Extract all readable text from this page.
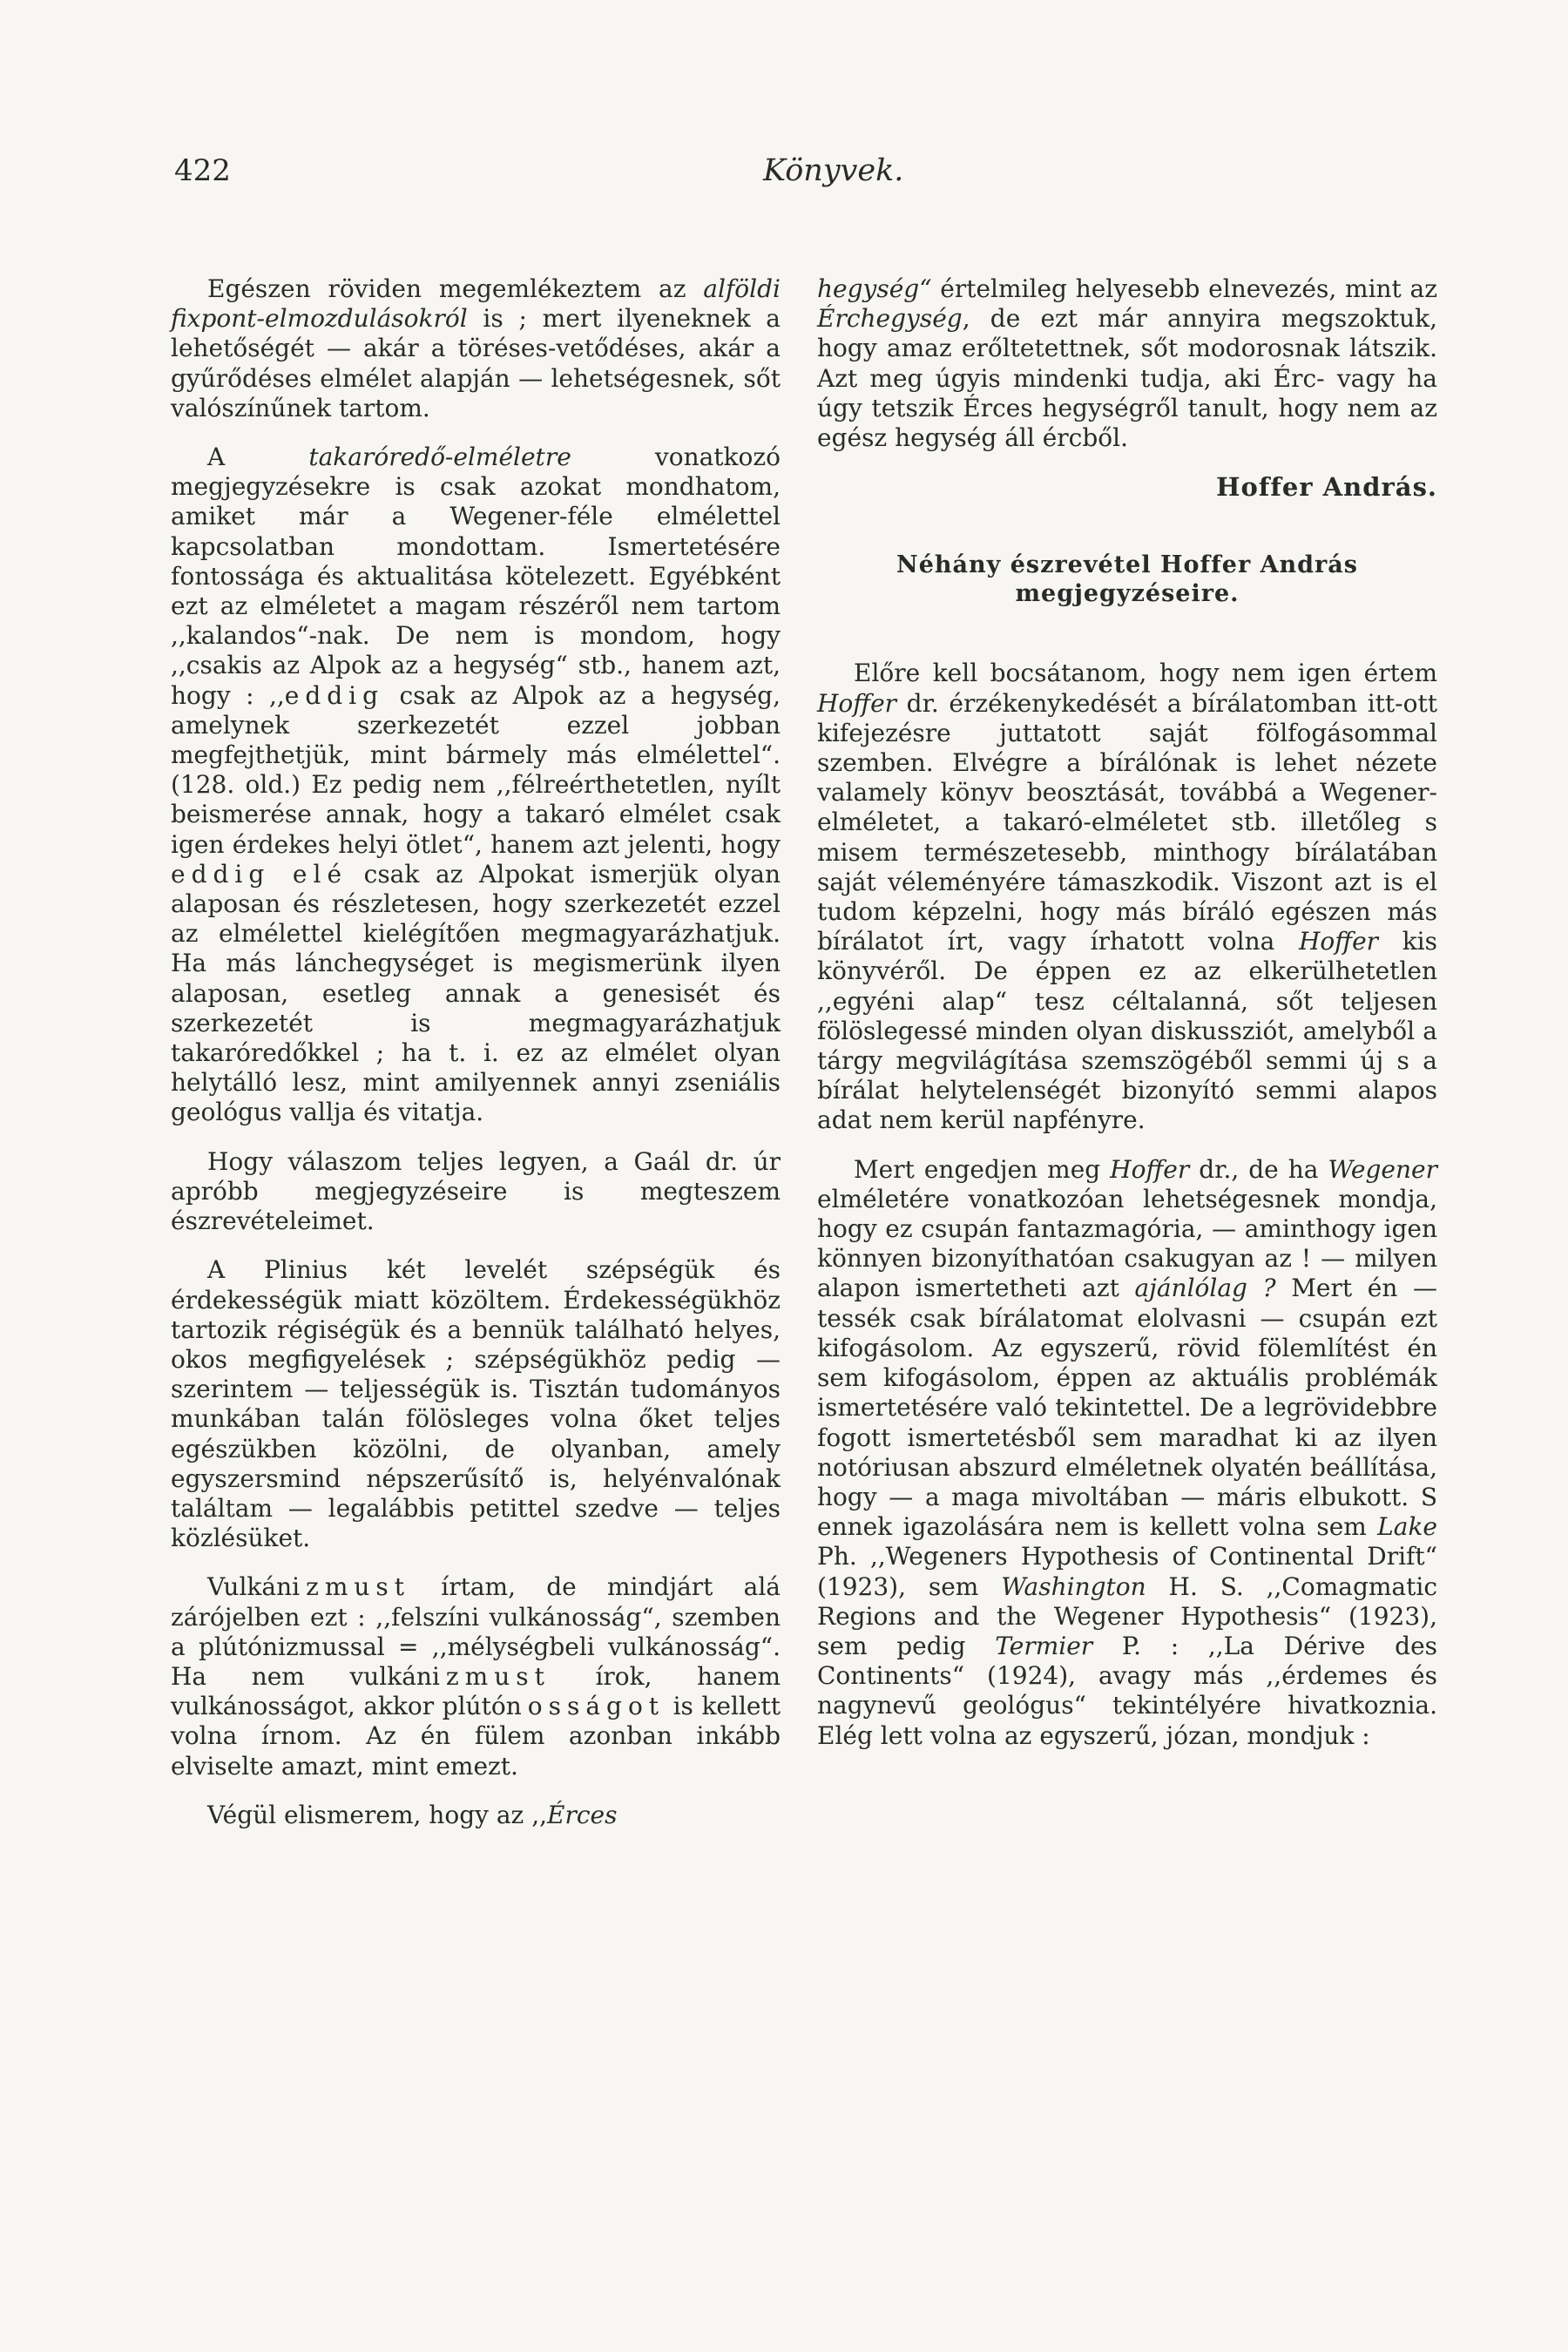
422	Könyvek.
Egészen röviden megemlékeztem az alföldi fixpont-elmozdulásokról is ; mert ilyeneknek a lehetőségét — akár a töréses-vetődéses, akár a gyűrődéses elmélet alapján — lehetségesnek, sőt valószínűnek tartom.
A takaróredő-elméletre vonatkozó megjegyzésekre is csak azokat mondhatom, amiket már a Wegener-féle elmélettel kapcsolatban mondottam. Ismertetésére fontossága és aktualitása kötelezett. Egyébként ezt az elméletet a magam részéről nem tartom ,,kalandos“-nak. De nem is mondom, hogy ,,csakis az Alpok az a hegység“ stb., hanem azt, hogy : ,,eddig csak az Alpok az a hegység, amelynek szerkezetét ezzel jobban megfejthetjük, mint bármely más elmélettel“. (128. old.) Ez pedig nem ,,félreérthetetlen, nyílt beismerése annak, hogy a takaró elmélet csak igen érdekes helyi ötlet“, hanem azt jelenti, hogy eddig elé csak az Alpokat ismerjük olyan alaposan és részletesen, hogy szerkezetét ezzel az elmélettel kielégítően megmagyarázhatjuk. Ha más lánchegységet is megismerünk ilyen alaposan, esetleg annak a genesisét és szerkezetét is megmagyarázhatjuk takaróredőkkel ; ha t. i. ez az elmélet olyan helytálló lesz, mint amilyennek annyi zseniális geológus vallja és vitatja.
Hogy válaszom teljes legyen, a Gaál dr. úr apróbb megjegyzéseire is megteszem észrevételeimet.
A Plinius két levelét szépségük és érdekességük miatt közöltem. Érdekességükhöz tartozik régiségük és a bennük található helyes, okos megfigyelések ; szépségükhöz pedig — szerintem — teljességük is. Tisztán tudományos munkában talán fölösleges volna őket teljes egészükben közölni, de olyanban, amely egyszersmind népszerűsítő is, helyénvalónak találtam — legalábbis petittel szedve — teljes közlésüket.
Vulkánizmust írtam, de mindjárt alá zárójelben ezt : ,,felszíni vulkánosság“, szemben a plútónizmussal = ,,mélységbeli vulkánosság“. Ha nem vulkánizmust írok, hanem vulkánosságot, akkor plútónosságot is kellett volna írnom. Az én fülem azonban inkább elviselte amazt, mint emezt.
Végül elismerem, hogy az ,,Érces
hegység“ értelmileg helyesebb elnevezés, mint az Érchegység, de ezt már annyira megszoktuk, hogy amaz erőltetettnek, sőt modorosnak látszik. Azt meg úgyis mindenki tudja, aki Érc- vagy ha úgy tetszik Érces hegységről tanult, hogy nem az egész hegység áll ércből.
Hoffer András.
Néhány észrevétel Hoffer András
megjegyzéseire.
Előre kell bocsátanom, hogy nem igen értem Hoffer dr. érzékenykedését a bírálatomban itt-ott kifejezésre juttatott saját fölfogásommal szemben. Elvégre a bírálónak is lehet nézete valamely könyv beosztását, továbbá a Wegener-elméletet, a takaró-elméletet stb. illetőleg s misem természetesebb, minthogy bírálatában saját véleményére támaszkodik. Viszont azt is el tudom képzelni, hogy más bíráló egészen más bírálatot írt, vagy írhatott volna Hoffer kis könyvéről. De éppen ez az elkerülhetetlen ,,egyéni alap“ tesz céltalanná, sőt teljesen fölöslegessé minden olyan diskussziót, amelyből a tárgy megvilágítása szemszögéből semmi új s a bírálat helytelenségét bizonyító semmi alapos adat nem kerül napfényre.
Mert engedjen meg Hoffer dr., de ha Wegener elméletére vonatkozóan lehetségesnek mondja, hogy ez csupán fantazmagória, — aminthogy igen könnyen bizonyíthatóan csakugyan az ! — milyen alapon ismertetheti azt ajánlólag ? Mert én — tessék csak bírálatomat elolvasni — csupán ezt kifogásolom. Az egyszerű, rövid fölemlítést én sem kifogásolom, éppen az aktuális problémák ismertetésére való tekintettel. De a legrövidebbre fogott ismertetésből sem maradhat ki az ilyen notóriusan abszurd elméletnek olyatén beállítása, hogy — a maga mivoltában — máris elbukott. S ennek igazolására nem is kellett volna sem Lake Ph. ,,Wegeners Hypothesis of Continental Drift“ (1923), sem Washington H. S. ,,Comagmatic Regions and the Wegener Hypothesis“ (1923), sem pedig Termier P. : ,,La Dérive des Continents“ (1924), avagy más ,,érdemes és nagynevű geológus“ tekintélyére hivatkoznia. Elég lett volna az egyszerű, józan, mondjuk :
